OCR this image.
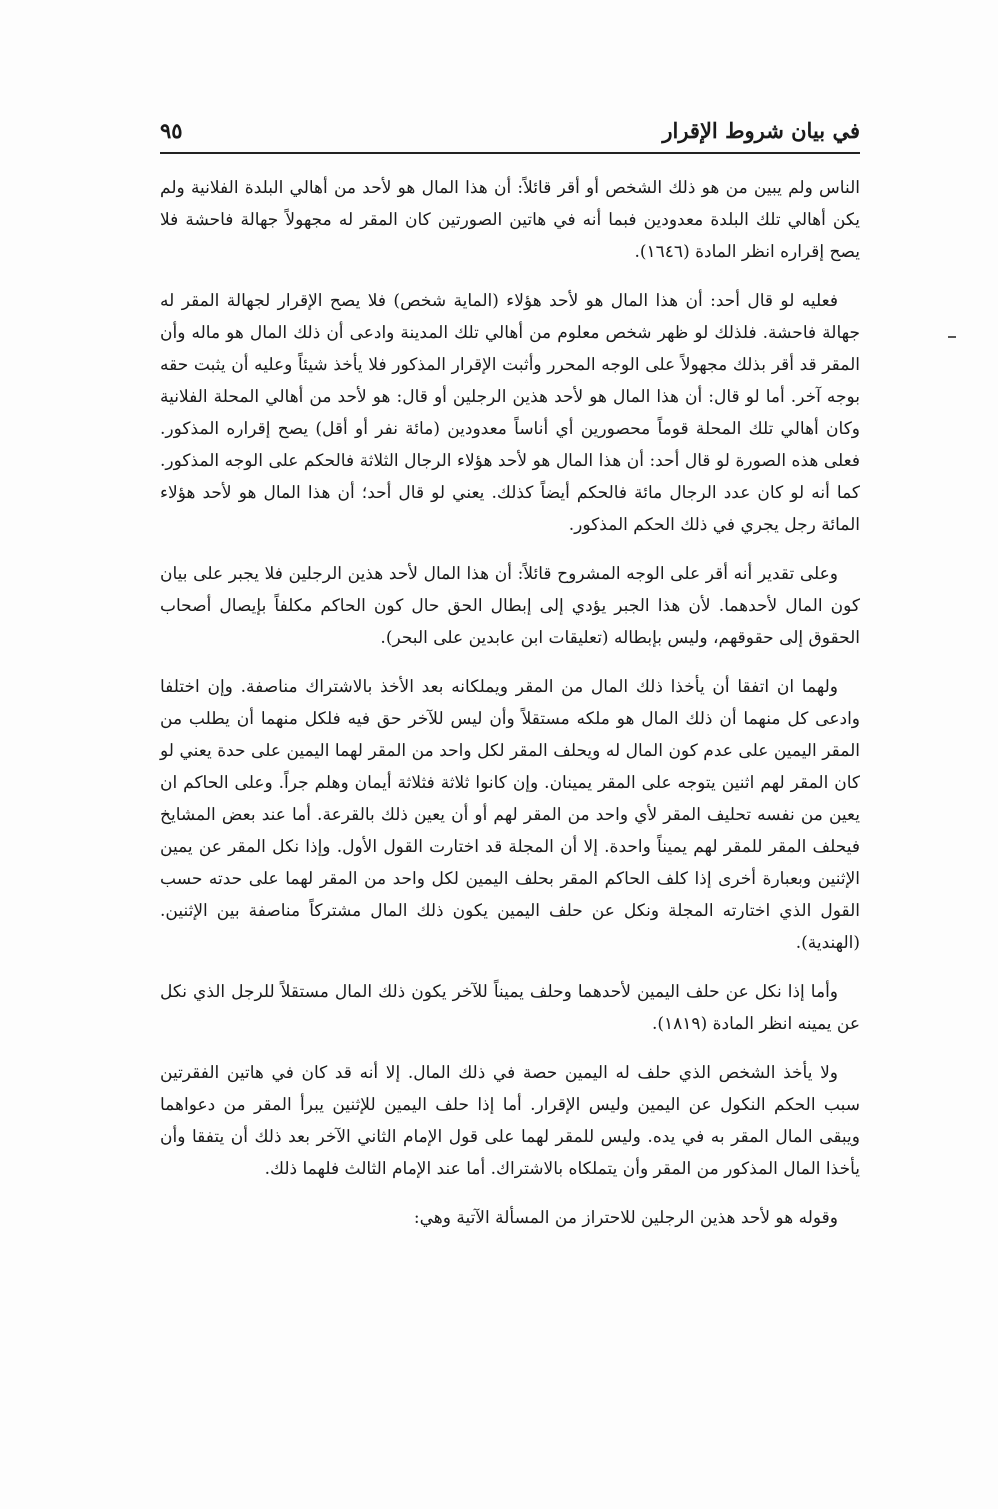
في بيان شروط الإقرار
٩٥

الناس ولم يبين من هو ذلك الشخص أو أقر قائلاً: أن هذا المال هو لأحد من أهالي البلدة الفلانية ولم يكن أهالي تلك البلدة معدودين فبما أنه في هاتين الصورتين كان المقر له مجهولاً جهالة فاحشة فلا يصح إقراره انظر المادة (١٦٤٦).

فعليه لو قال أحد: أن هذا المال هو لأحد هؤلاء (الماية شخص) فلا يصح الإقرار لجهالة المقر له جهالة فاحشة. فلذلك لو ظهر شخص معلوم من أهالي تلك المدينة وادعى أن ذلك المال هو ماله وأن المقر قد أقر بذلك مجهولاً على الوجه المحرر وأثبت الإقرار المذكور فلا يأخذ شيئاً وعليه أن يثبت حقه بوجه آخر. أما لو قال: أن هذا المال هو لأحد هذين الرجلين أو قال: هو لأحد من أهالي المحلة الفلانية وكان أهالي تلك المحلة قوماً محصورين أي أناساً معدودين (مائة نفر أو أقل) يصح إقراره المذكور. فعلى هذه الصورة لو قال أحد: أن هذا المال هو لأحد هؤلاء الرجال الثلاثة فالحكم على الوجه المذكور. كما أنه لو كان عدد الرجال مائة فالحكم أيضاً كذلك. يعني لو قال أحد؛ أن هذا المال هو لأحد هؤلاء المائة رجل يجري في ذلك الحكم المذكور.

وعلى تقدير أنه أقر على الوجه المشروح قائلاً: أن هذا المال لأحد هذين الرجلين فلا يجبر على بيان كون المال لأحدهما. لأن هذا الجبر يؤدي إلى إبطال الحق حال كون الحاكم مكلفاً بإيصال أصحاب الحقوق إلى حقوقهم، وليس بإبطاله (تعليقات ابن عابدين على البحر).

ولهما ان اتفقا أن يأخذا ذلك المال من المقر ويملكانه بعد الأخذ بالاشتراك مناصفة. وإن اختلفا وادعى كل منهما أن ذلك المال هو ملكه مستقلاً وأن ليس للآخر حق فيه فلكل منهما أن يطلب من المقر اليمين على عدم كون المال له ويحلف المقر لكل واحد من المقر لهما اليمين على حدة يعني لو كان المقر لهم اثنين يتوجه على المقر يمينان. وإن كانوا ثلاثة فثلاثة أيمان وهلم جراً. وعلى الحاكم ان يعين من نفسه تحليف المقر لأي واحد من المقر لهم أو أن يعين ذلك بالقرعة. أما عند بعض المشايخ فيحلف المقر للمقر لهم يميناً واحدة. إلا أن المجلة قد اختارت القول الأول. وإذا نكل المقر عن يمين الإثنين وبعبارة أخرى إذا كلف الحاكم المقر بحلف اليمين لكل واحد من المقر لهما على حدته حسب القول الذي اختارته المجلة ونكل عن حلف اليمين يكون ذلك المال مشتركاً مناصفة بين الإثنين. (الهندية).

وأما إذا نكل عن حلف اليمين لأحدهما وحلف يميناً للآخر يكون ذلك المال مستقلاً للرجل الذي نكل عن يمينه انظر المادة (١٨١٩).

ولا يأخذ الشخص الذي حلف له اليمين حصة في ذلك المال. إلا أنه قد كان في هاتين الفقرتين سبب الحكم النكول عن اليمين وليس الإقرار. أما إذا حلف اليمين للإثنين يبرأ المقر من دعواهما ويبقى المال المقر به في يده. وليس للمقر لهما على قول الإمام الثاني الآخر بعد ذلك أن يتفقا وأن يأخذا المال المذكور من المقر وأن يتملكاه بالاشتراك. أما عند الإمام الثالث فلهما ذلك.

وقوله هو لأحد هذين الرجلين للاحتراز من المسألة الآتية وهي:
